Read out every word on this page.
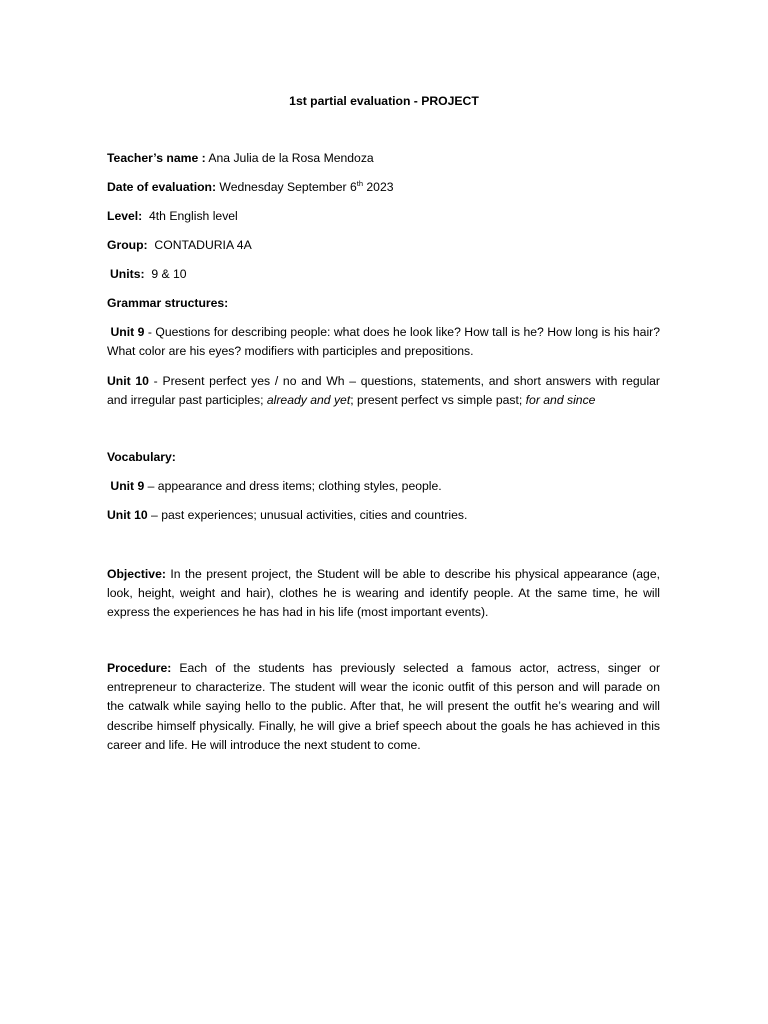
1st partial evaluation - PROJECT
Teacher’s name : Ana Julia de la Rosa Mendoza
Date of evaluation: Wednesday September 6th 2023
Level: 4th English level
Group: CONTADURIA 4A
Units: 9 & 10
Grammar structures:
Unit 9 - Questions for describing people: what does he look like? How tall is he? How long is his hair? What color are his eyes? modifiers with participles and prepositions.
Unit 10 - Present perfect yes / no and Wh – questions, statements, and short answers with regular and irregular past participles; already and yet; present perfect vs simple past; for and since
Vocabulary:
Unit 9 – appearance and dress items; clothing styles, people.
Unit 10 – past experiences; unusual activities, cities and countries.
Objective: In the present project, the Student will be able to describe his physical appearance (age, look, height, weight and hair), clothes he is wearing and identify people. At the same time, he will express the experiences he has had in his life (most important events).
Procedure: Each of the students has previously selected a famous actor, actress, singer or entrepreneur to characterize. The student will wear the iconic outfit of this person and will parade on the catwalk while saying hello to the public. After that, he will present the outfit he’s wearing and will describe himself physically. Finally, he will give a brief speech about the goals he has achieved in this career and life. He will introduce the next student to come.
